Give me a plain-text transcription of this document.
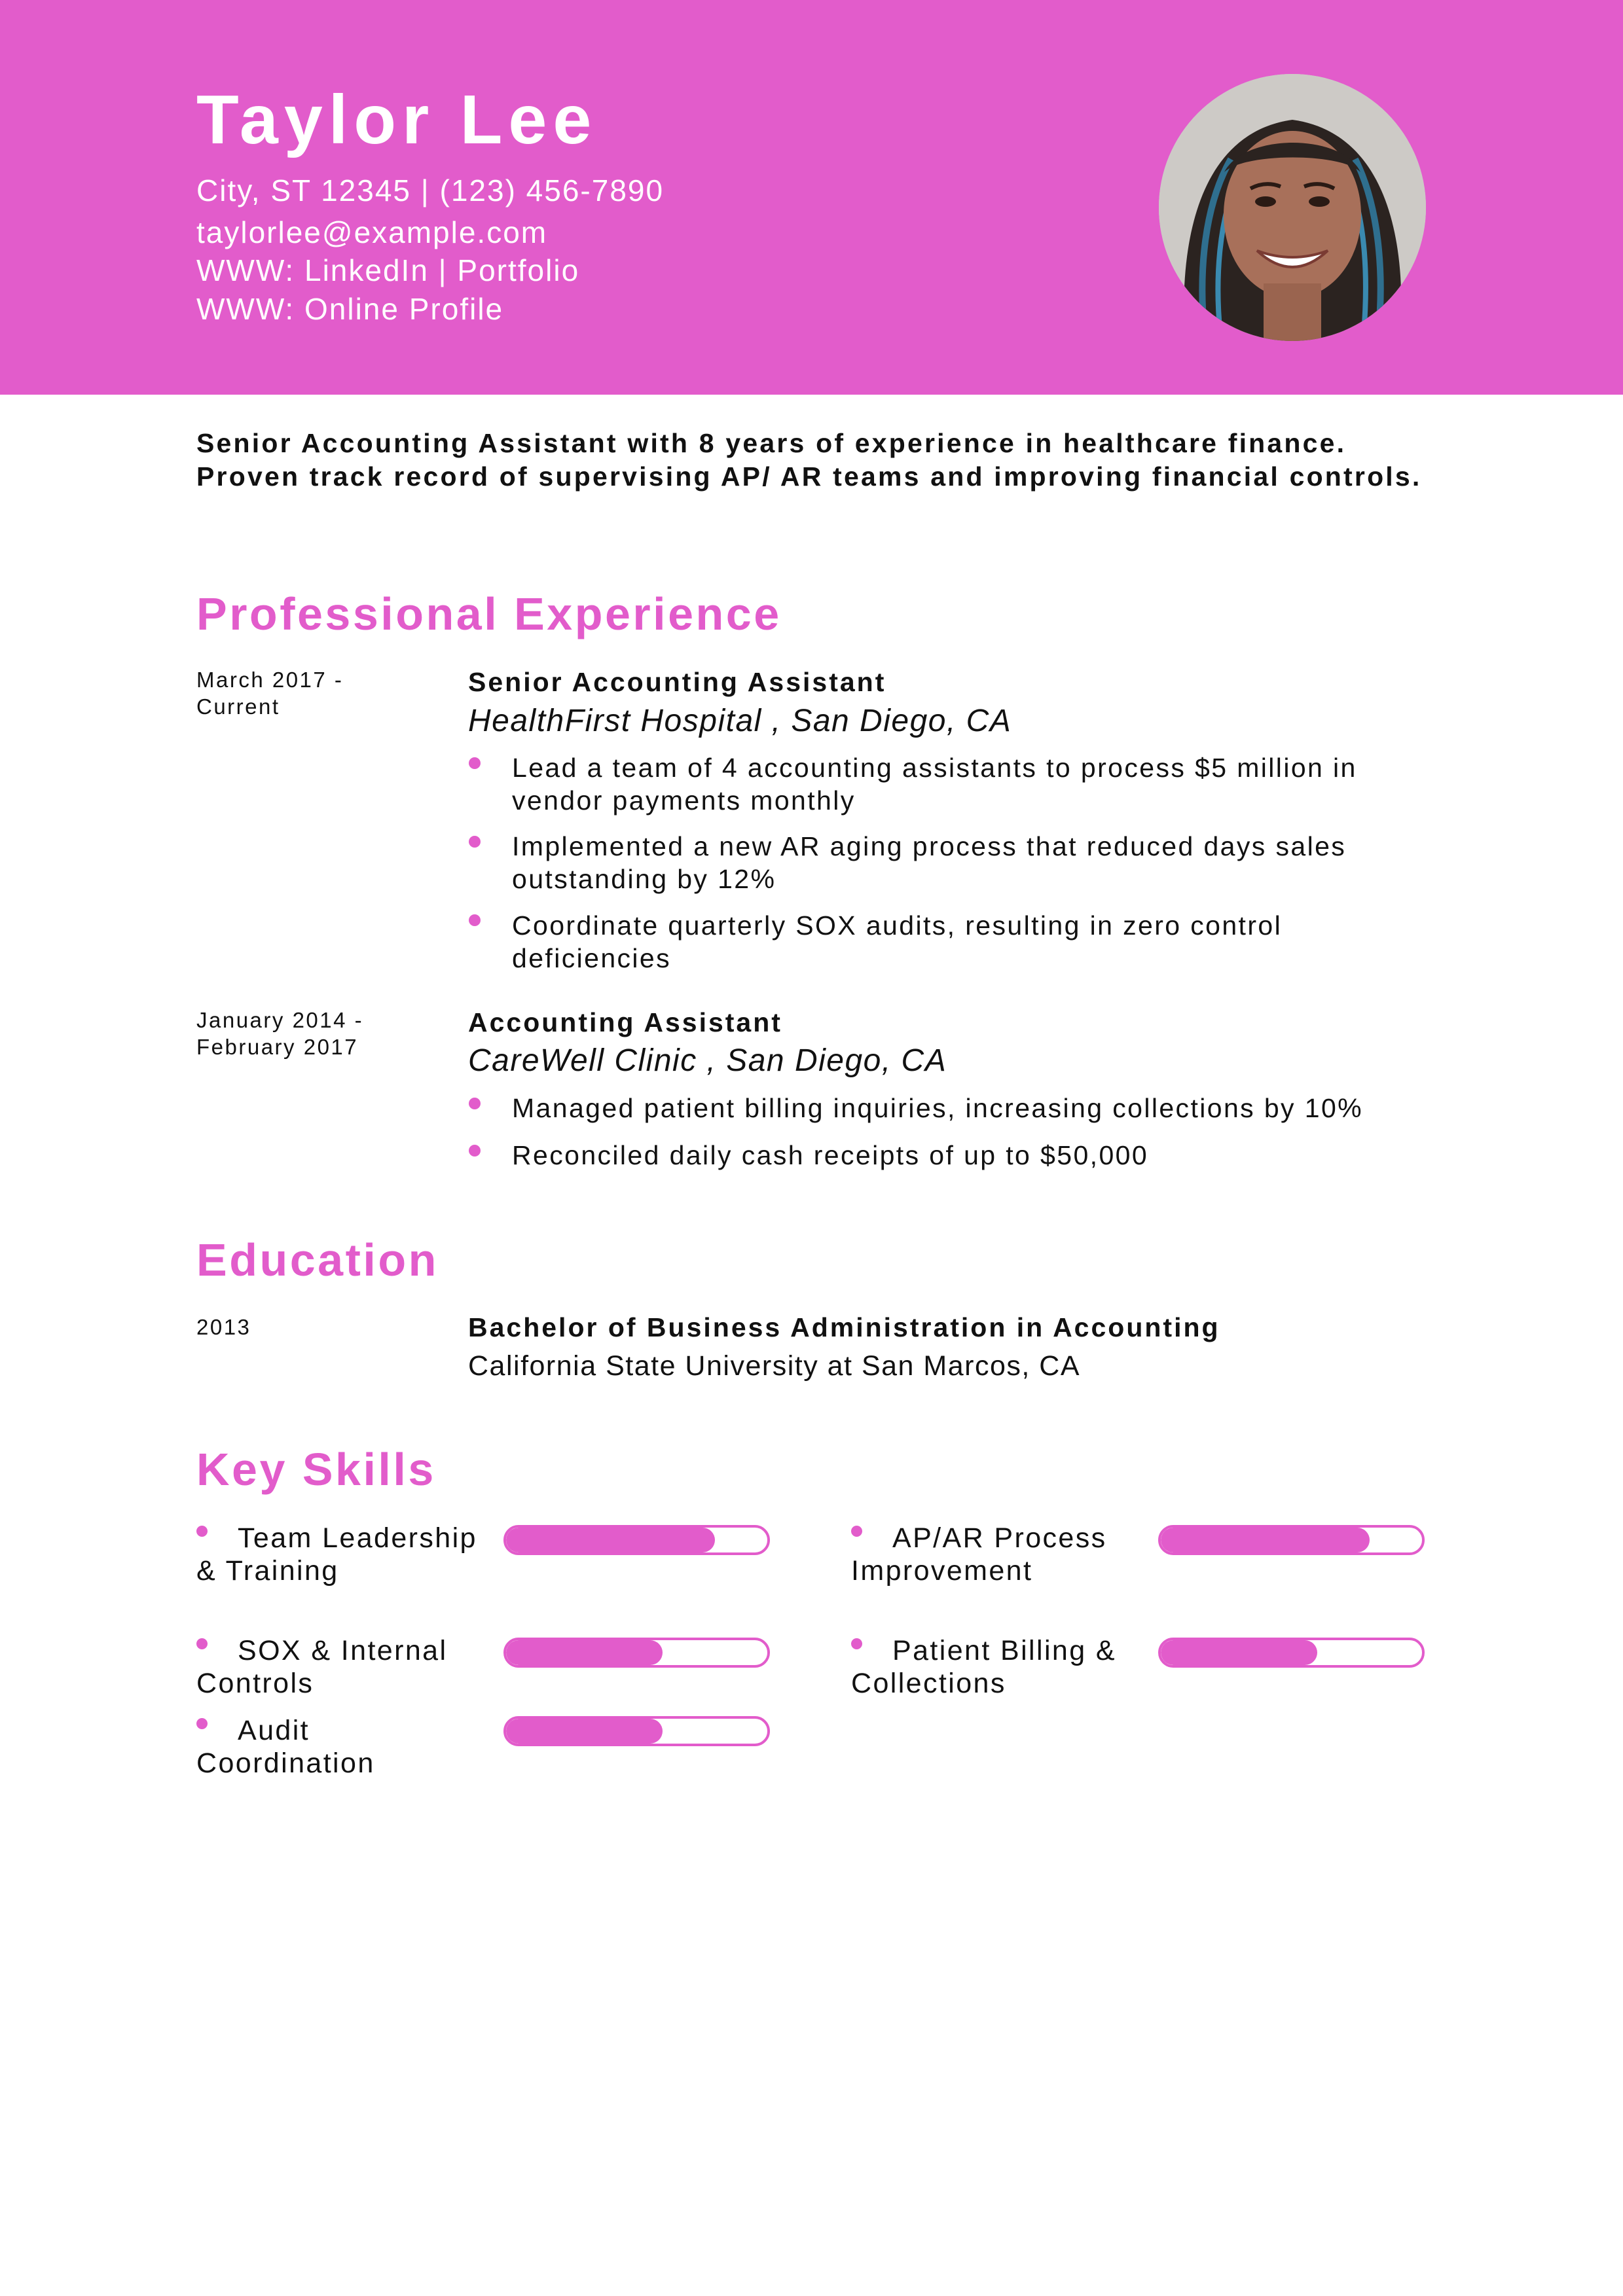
Taylor Lee
City, ST 12345 | (123) 456-7890
taylorlee@example.com
WWW: LinkedIn | Portfolio
WWW: Online Profile
Senior Accounting Assistant with 8 years of experience in healthcare finance. Proven track record of supervising AP/ AR teams and improving financial controls.
Professional Experience
March 2017 - Current
Senior Accounting Assistant
HealthFirst Hospital , San Diego, CA
Lead a team of 4 accounting assistants to process $5 million in vendor payments monthly
Implemented a new AR aging process that reduced days sales outstanding by 12%
Coordinate quarterly SOX audits, resulting in zero control deficiencies
January 2014 - February 2017
Accounting Assistant
CareWell Clinic , San Diego, CA
Managed patient billing inquiries, increasing collections by 10%
Reconciled daily cash receipts of up to $50,000
Education
2013	Bachelor of Business Administration in Accounting
California State University at San Marcos, CA
Key Skills
Team Leadership & Training
AP/AR Process Improvement
SOX & Internal Controls
Patient Billing & Collections
Audit Coordination
